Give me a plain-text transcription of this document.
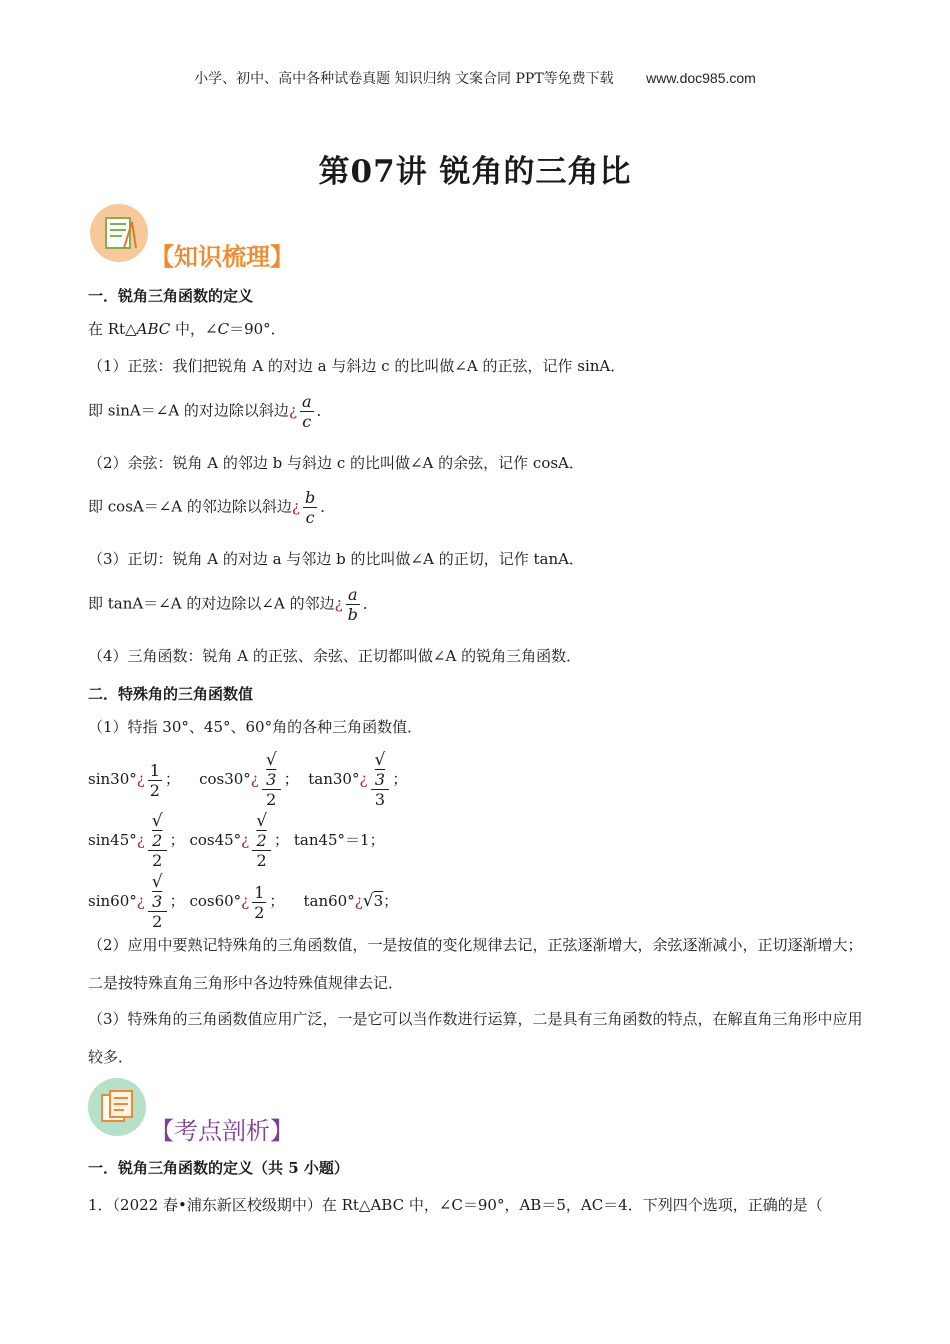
小学、初中、高中各种试卷真题 知识归纳 文案合同 PPT等免费下载 www.doc985.com
第07讲 锐角的三角比
【知识梳理】
一．锐角三角函数的定义
在 Rt△ABC 中，∠C＝90°．
（1）正弦：我们把锐角 A 的对边 a 与斜边 c 的比叫做∠A 的正弦，记作 sinA．
即 sinA＝∠A 的对边除以斜边¿ $\frac{a}{c}$ ．
（2）余弦：锐角 A 的邻边 b 与斜边 c 的比叫做∠A 的余弦，记作 cosA．
即 cosA＝∠A 的邻边除以斜边¿ $\frac{b}{c}$ ．
（3）正切：锐角 A 的对边 a 与邻边 b 的比叫做∠A 的正切，记作 tanA．
即 tanA＝∠A 的对边除以∠A 的邻边¿ $\frac{a}{b}$ ．
（4）三角函数：锐角 A 的正弦、余弦、正切都叫做∠A 的锐角三角函数．
二．特殊角的三角函数值
（1）特指 30°、45°、60°角的各种三角函数值．
sin30°¿ $\frac{1}{2}$ ； cos30°¿ √
3
2 ； tan30°¿ √
3
3 ；
sin45°¿ √
2
2 ； cos45°¿ √
2
2 ； tan45°＝1；
sin60°¿ √
3
2 ； cos60°¿ $\frac{1}{2}$ ； tan60°¿√3；
（2）应用中要熟记特殊角的三角函数值，一是按值的变化规律去记，正弦逐渐增大，余弦逐渐减小，正切逐渐增大；二是按特殊直角三角形中各边特殊值规律去记．
（3）特殊角的三角函数值应用广泛，一是它可以当作数进行运算，二是具有三角函数的特点，在解直角三角形中应用较多．
【考点剖析】
一．锐角三角函数的定义（共 5 小题）
1．（2022 春•浦东新区校级期中）在 Rt△ABC 中，∠C＝90°，AB＝5，AC＝4．下列四个选项，正确的是（
